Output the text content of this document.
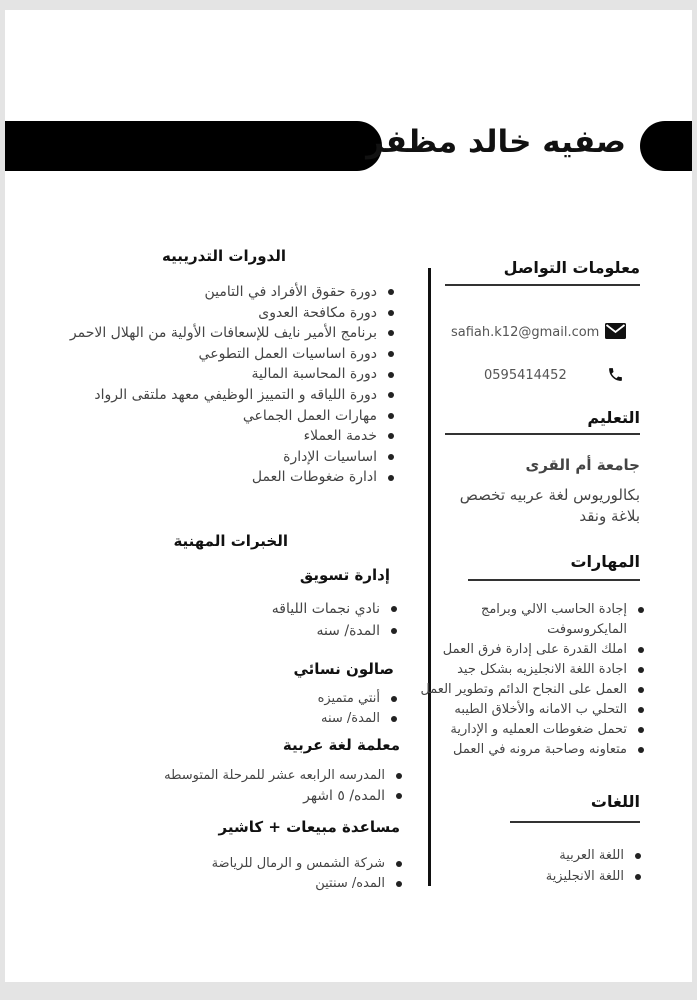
صفيه خالد مظفر
معلومات التواصل
safiah.k12@gmail.com
0595414452
التعليم
جامعة أم القرى
بكالوريوس لغة عربيه تخصص بلاغة ونقد
المهارات
إجادة الحاسب الالي وبرامج المايكروسوفت
املك القدرة على إدارة فرق العمل
اجادة اللغة الانجليزيه بشكل جيد
العمل على النجاح الدائم وتطوير العمل
التحلي ب الامانه والأخلاق الطيبه
تحمل ضغوطات العمليه و الإدارية
متعاونه وصاحبة مرونه في العمل
اللغات
اللغة العربية
اللغة الانجليزية
الدورات التدريبيه
دورة حقوق الأفراد في التامين
دورة مكافحة العدوى
برنامج الأمير نايف للإسعافات الأولية من الهلال الاحمر
دورة اساسيات العمل التطوعي
دورة المحاسبة المالية
دورة اللياقه و التمييز الوظيفي معهد ملتقى الرواد
مهارات العمل الجماعي
خدمة العملاء
اساسيات الإدارة
ادارة ضغوطات العمل
الخبرات المهنية
إدارة تسويق
نادي نجمات اللياقه
المدة/ سنه
صالون نسائي
أنتي متميزه
المدة/ سنه
معلمة لغة عربية
المدرسه الرابعه عشر للمرحلة المتوسطه
المده/ ٥ اشهر
مساعدة مبيعات + كاشير
شركة الشمس و الرمال للرياضة
المده/ سنتين
